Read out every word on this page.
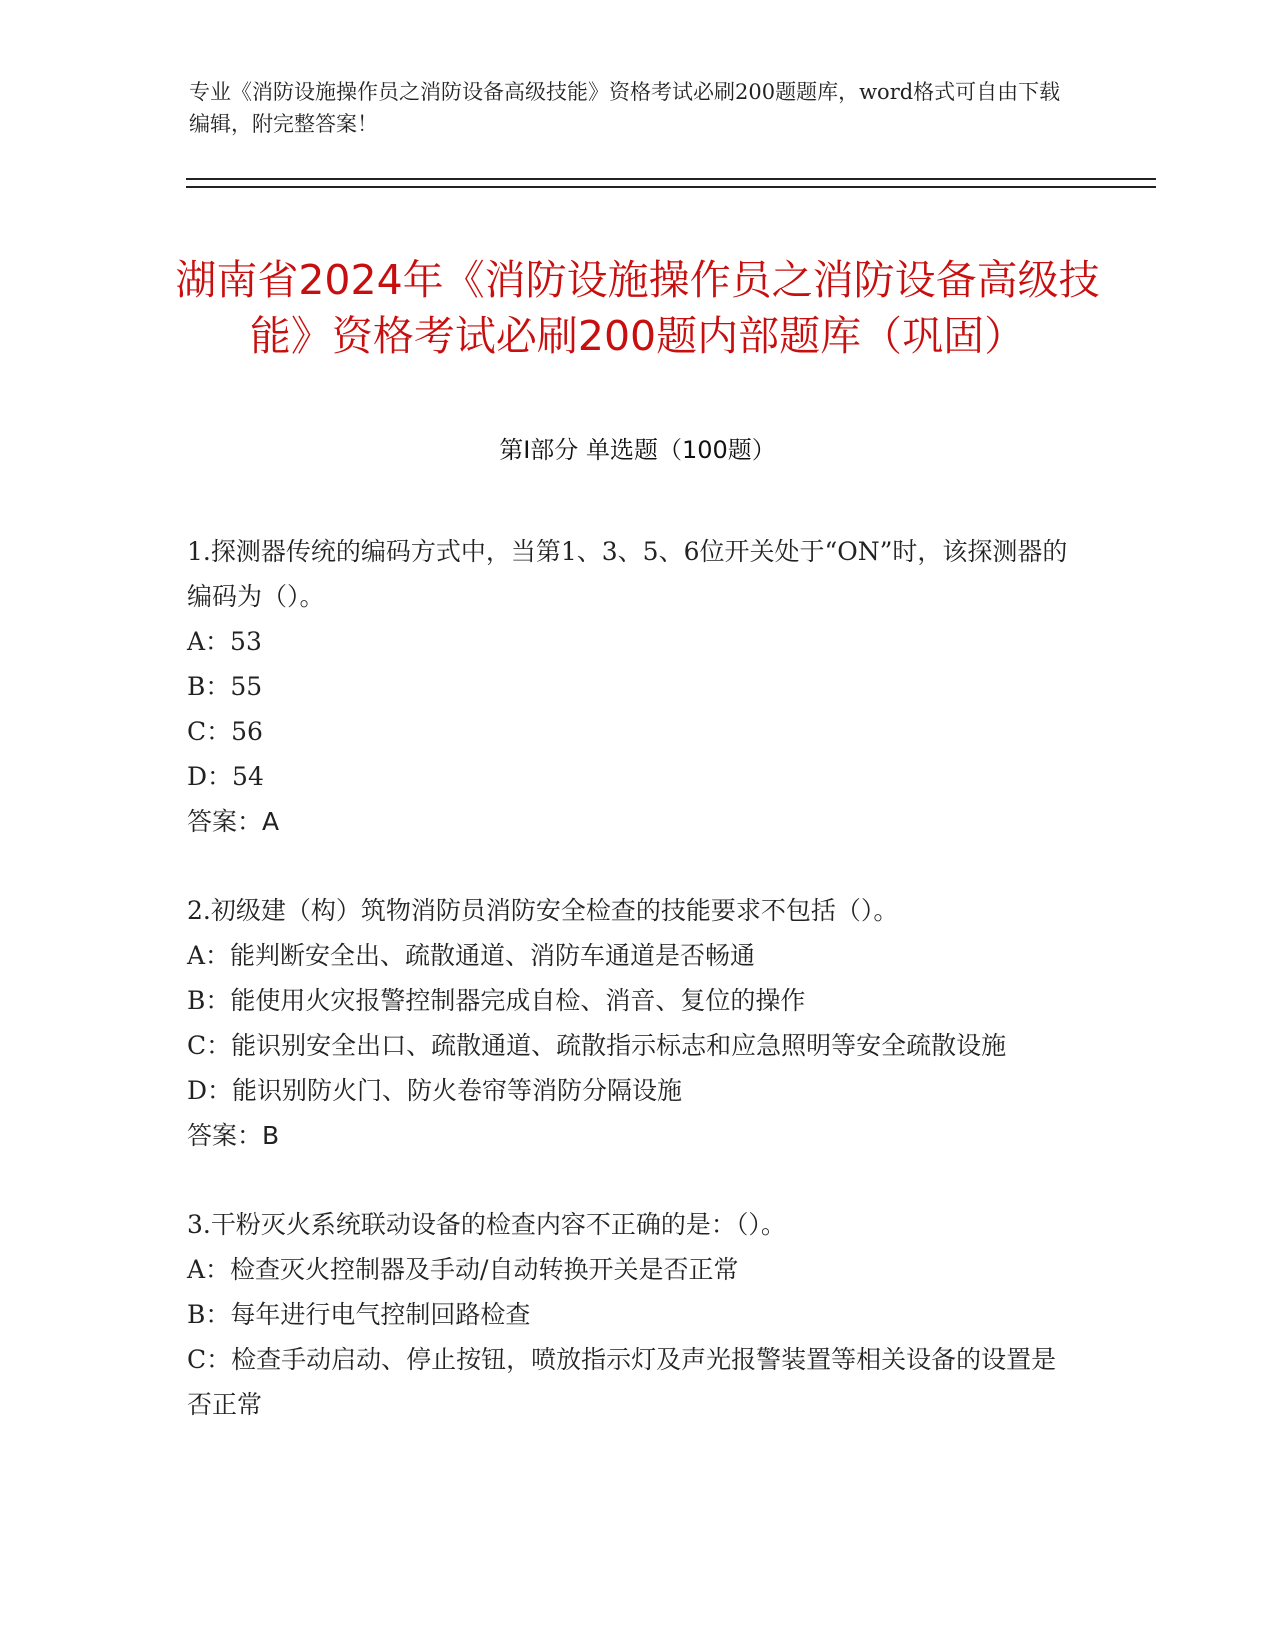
专业《消防设施操作员之消防设备高级技能》资格考试必刷200题题库，word格式可自由下载编辑，附完整答案！
湖南省2024年《消防设施操作员之消防设备高级技能》资格考试必刷200题内部题库（巩固）
第I部分 单选题（100题）

1.探测器传统的编码方式中，当第1、3、5、6位开关处于“ON”时，该探测器的编码为（）。

A：53

B：55

C：56

D：54

答案：A

2.初级建（构）筑物消防员消防安全检查的技能要求不包括（）。

A：能判断安全出、疏散通道、消防车通道是否畅通

B：能使用火灾报警控制器完成自检、消音、复位的操作

C：能识别安全出口、疏散通道、疏散指示标志和应急照明等安全疏散设施

D：能识别防火门、防火卷帘等消防分隔设施

答案：B

3.干粉灭火系统联动设备的检查内容不正确的是：（）。

A：检查灭火控制器及手动/自动转换开关是否正常

B：每年进行电气控制回路检查

C：检查手动启动、停止按钮，喷放指示灯及声光报警装置等相关设备的设置是否正常
